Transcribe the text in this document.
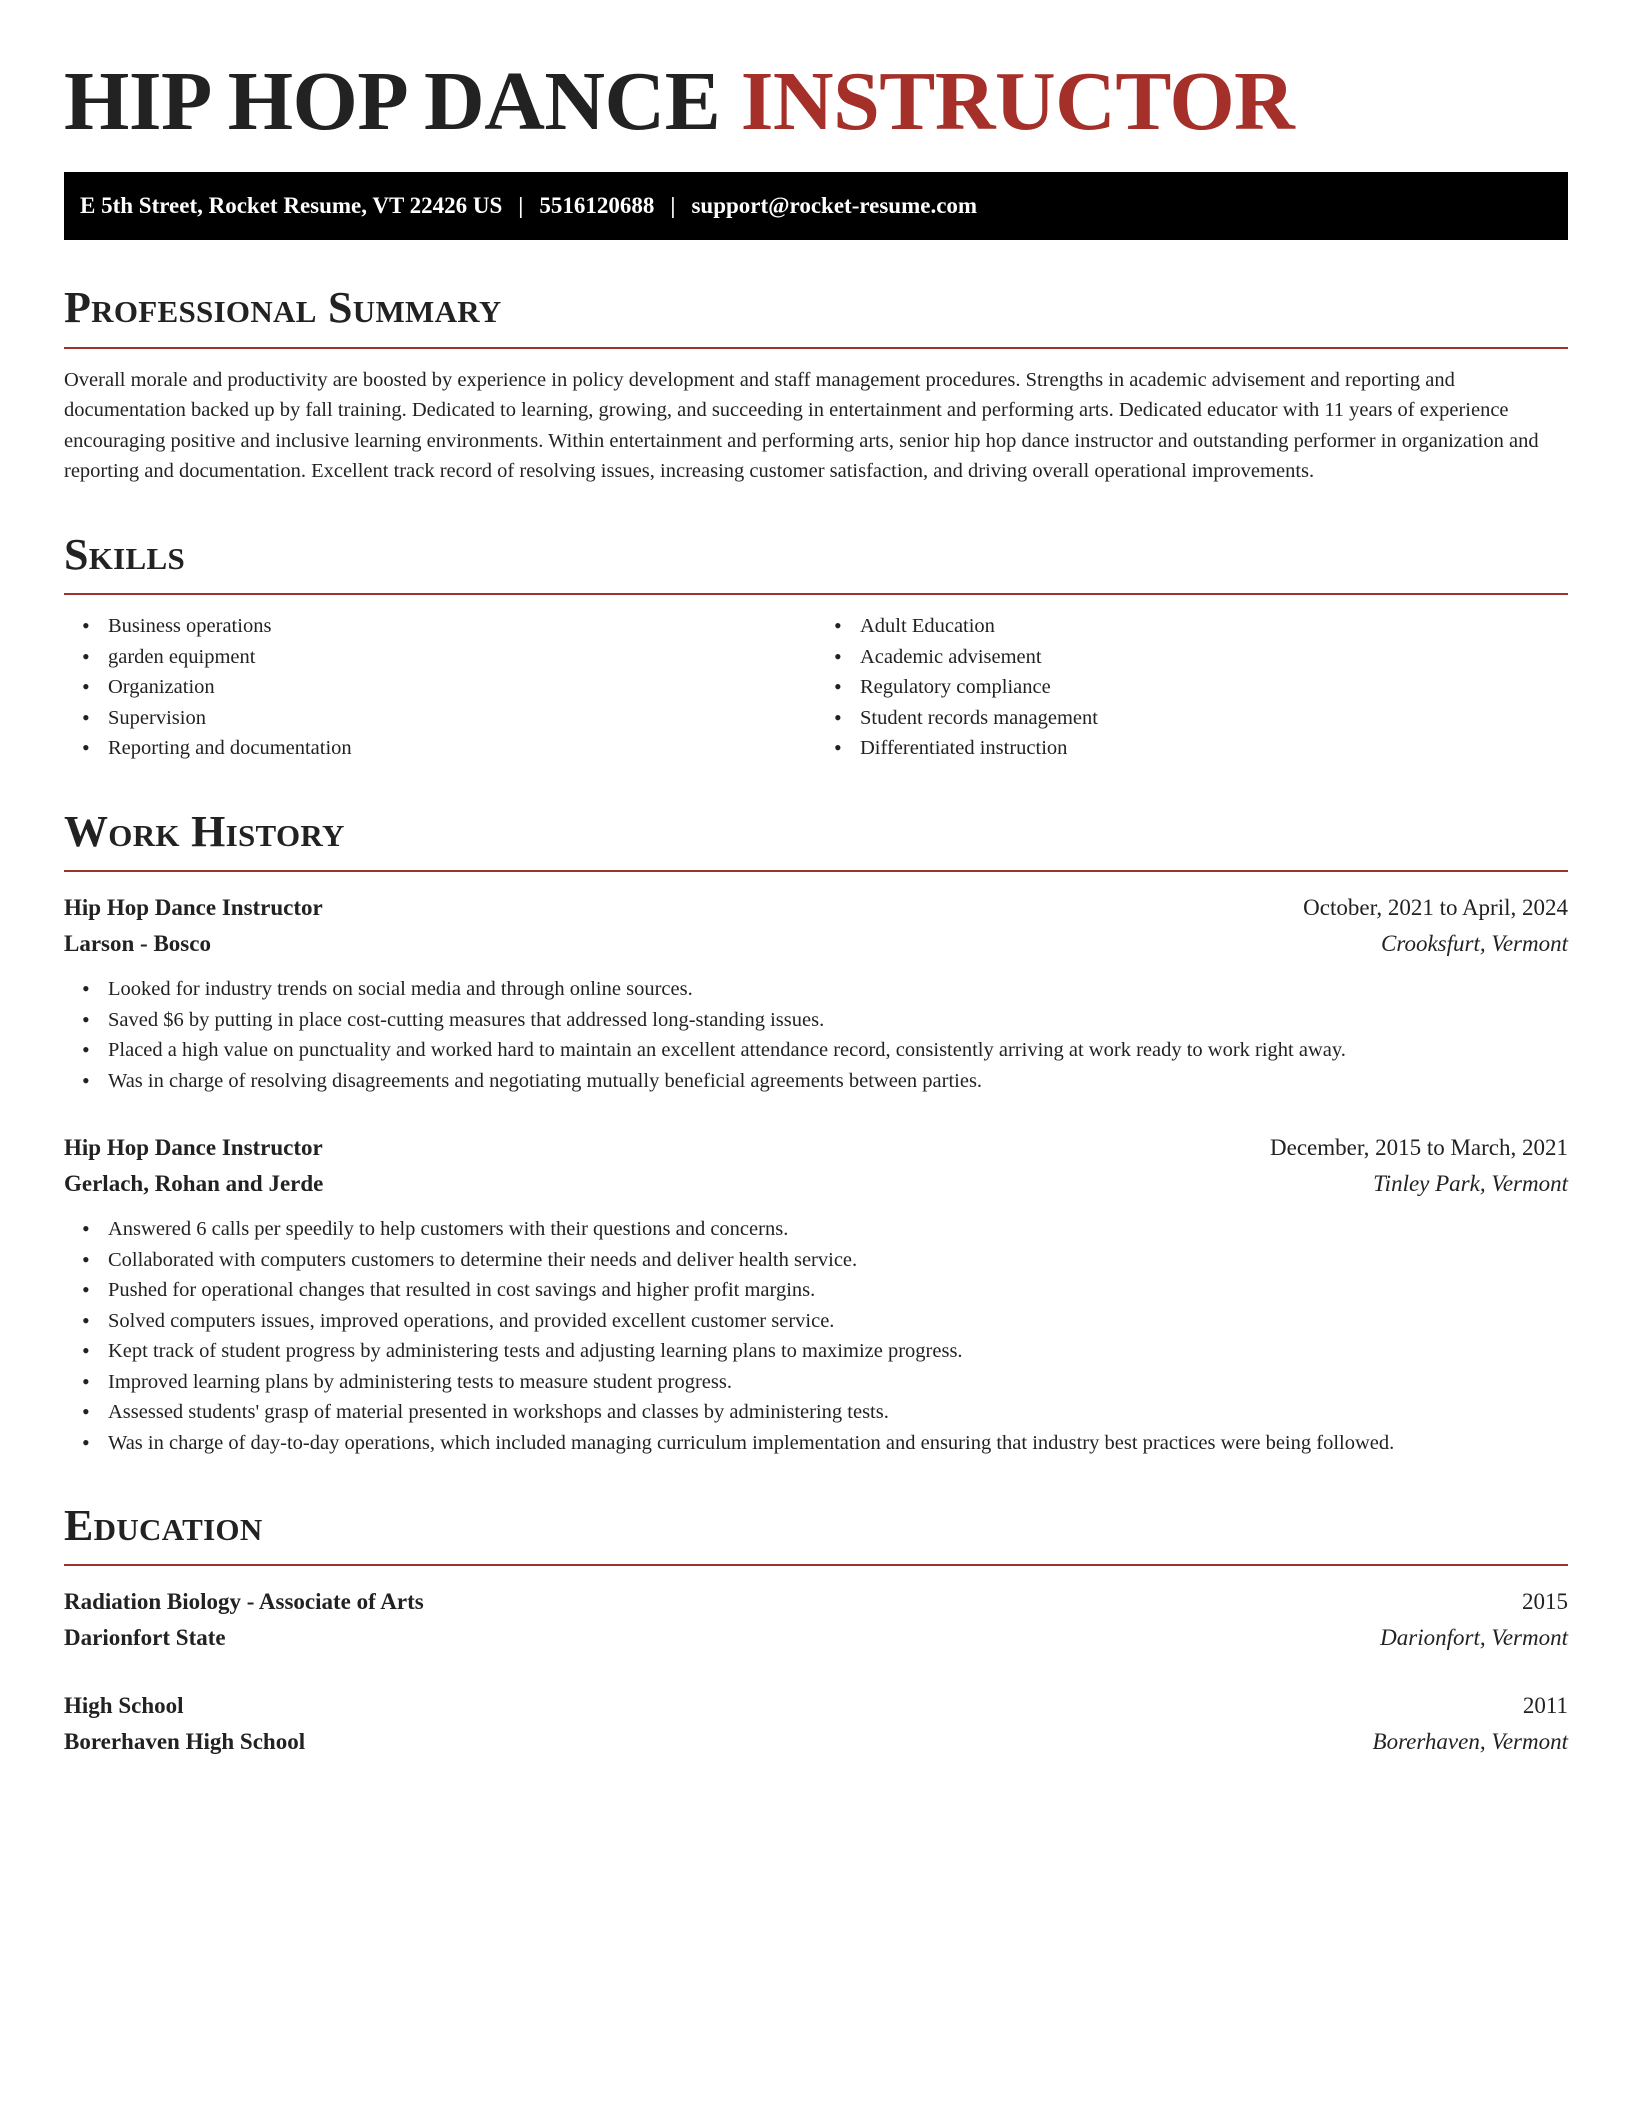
HIP HOP DANCE INSTRUCTOR
E 5th Street, Rocket Resume, VT 22426 US | 5516120688 | support@rocket-resume.com
Professional Summary

Overall morale and productivity are boosted by experience in policy development and staff management procedures. Strengths in academic advisement and reporting and documentation backed up by fall training. Dedicated to learning, growing, and succeeding in entertainment and performing arts. Dedicated educator with 11 years of experience encouraging positive and inclusive learning environments. Within entertainment and performing arts, senior hip hop dance instructor and outstanding performer in organization and reporting and documentation. Excellent track record of resolving issues, increasing customer satisfaction, and driving overall operational improvements.

Skills
• Business operations
• garden equipment
• Organization
• Supervision
• Reporting and documentation
• Adult Education
• Academic advisement
• Regulatory compliance
• Student records management
• Differentiated instruction
Work History
Hip Hop Dance Instructor	October, 2021 to April, 2024
Larson - Bosco	Crooksfurt, Vermont
• Looked for industry trends on social media and through online sources.
• Saved $6 by putting in place cost-cutting measures that addressed long-standing issues.
• Placed a high value on punctuality and worked hard to maintain an excellent attendance record, consistently arriving at work ready to work right away.
• Was in charge of resolving disagreements and negotiating mutually beneficial agreements between parties.
Hip Hop Dance Instructor	December, 2015 to March, 2021
Gerlach, Rohan and Jerde	Tinley Park, Vermont
• Answered 6 calls per speedily to help customers with their questions and concerns.
• Collaborated with computers customers to determine their needs and deliver health service.
• Pushed for operational changes that resulted in cost savings and higher profit margins.
• Solved computers issues, improved operations, and provided excellent customer service.
• Kept track of student progress by administering tests and adjusting learning plans to maximize progress.
• Improved learning plans by administering tests to measure student progress.
• Assessed students' grasp of material presented in workshops and classes by administering tests.
• Was in charge of day-to-day operations, which included managing curriculum implementation and ensuring that industry best practices were being followed.
Education
Radiation Biology - Associate of Arts	2015
Darionfort State	Darionfort, Vermont
High School	2011
Borerhaven High School	Borerhaven, Vermont
